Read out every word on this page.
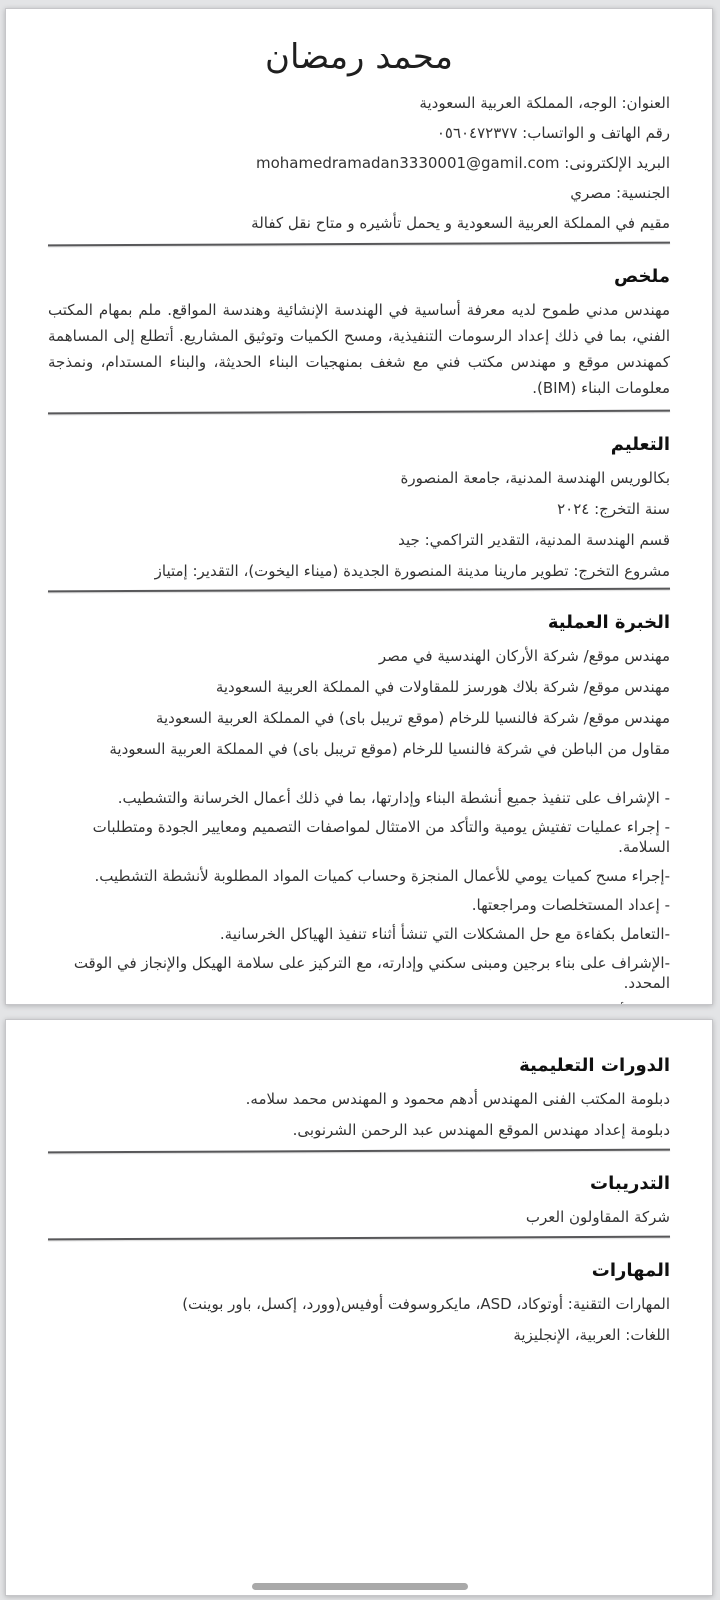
محمد رمضان

العنوان: الوجه، المملكة العربية السعودية

رقم الهاتف و الواتساب: ٠٥٦٠٤٧٢٣٧٧

البريد الإلكترونى: mohamedramadan3330001@gamil.com

الجنسية: مصري

مقيم في المملكة العربية السعودية و يحمل تأشيره و متاح نقل كفالة

ملخص

مهندس مدني طموح لديه معرفة أساسية في الهندسة الإنشائية وهندسة المواقع. ملم بمهام المكتب الفني، بما في ذلك إعداد الرسومات التنفيذية، ومسح الكميات وتوثيق المشاريع. أتطلع إلى المساهمة كمهندس موقع و مهندس مكتب فني مع شغف بمنهجيات البناء الحديثة، والبناء المستدام، ونمذجة معلومات البناء (BIM).

التعليم

بكالوريس الهندسة المدنية، جامعة المنصورة

سنة التخرج: ٢٠٢٤

قسم الهندسة المدنية، التقدير التراكمي: جيد

مشروع التخرج: تطوير مارينا مدينة المنصورة الجديدة (ميناء اليخوت)، التقدير: إمتياز

الخبرة العملية

مهندس موقع/ شركة الأركان الهندسية في مصر

مهندس موقع/ شركة بلاك هورسز للمقاولات في المملكة العربية السعودية

مهندس موقع/ شركة فالنسيا للرخام (موقع تريبل باى) في المملكة العربية السعودية

مقاول من الباطن في شركة فالنسيا للرخام (موقع تريبل باى) في المملكة العربية السعودية

- الإشراف على تنفيذ جميع أنشطة البناء وإدارتها، بما في ذلك أعمال الخرسانة والتشطيب.

- إجراء عمليات تفتيش يومية والتأكد من الامتثال لمواصفات التصميم ومعايير الجودة ومتطلبات السلامة.

-إجراء مسح كميات يومي للأعمال المنجزة وحساب كميات المواد المطلوبة لأنشطة التشطيب.

- إعداد المستخلصات ومراجعتها.

-التعامل بكفاءة مع حل المشكلات التي تنشأ أثناء تنفيذ الهياكل الخرسانية.

-الإشراف على بناء برجين ومبنى سكني وإدارته، مع التركيز على سلامة الهيكل والإنجاز في الوقت المحدد.

الدورات التعليمية

دبلومة المكتب الفنى المهندس أدهم محمود و المهندس محمد سلامه.

دبلومة إعداد مهندس الموقع المهندس عبد الرحمن الشرنوبى.

التدريبات

شركة المقاولون العرب

المهارات

المهارات التقنية: أوتوكاد، ASD، مايكروسوفت أوفيس(وورد، إكسل، باور بوينت)

اللغات: العربية، الإنجليزية
